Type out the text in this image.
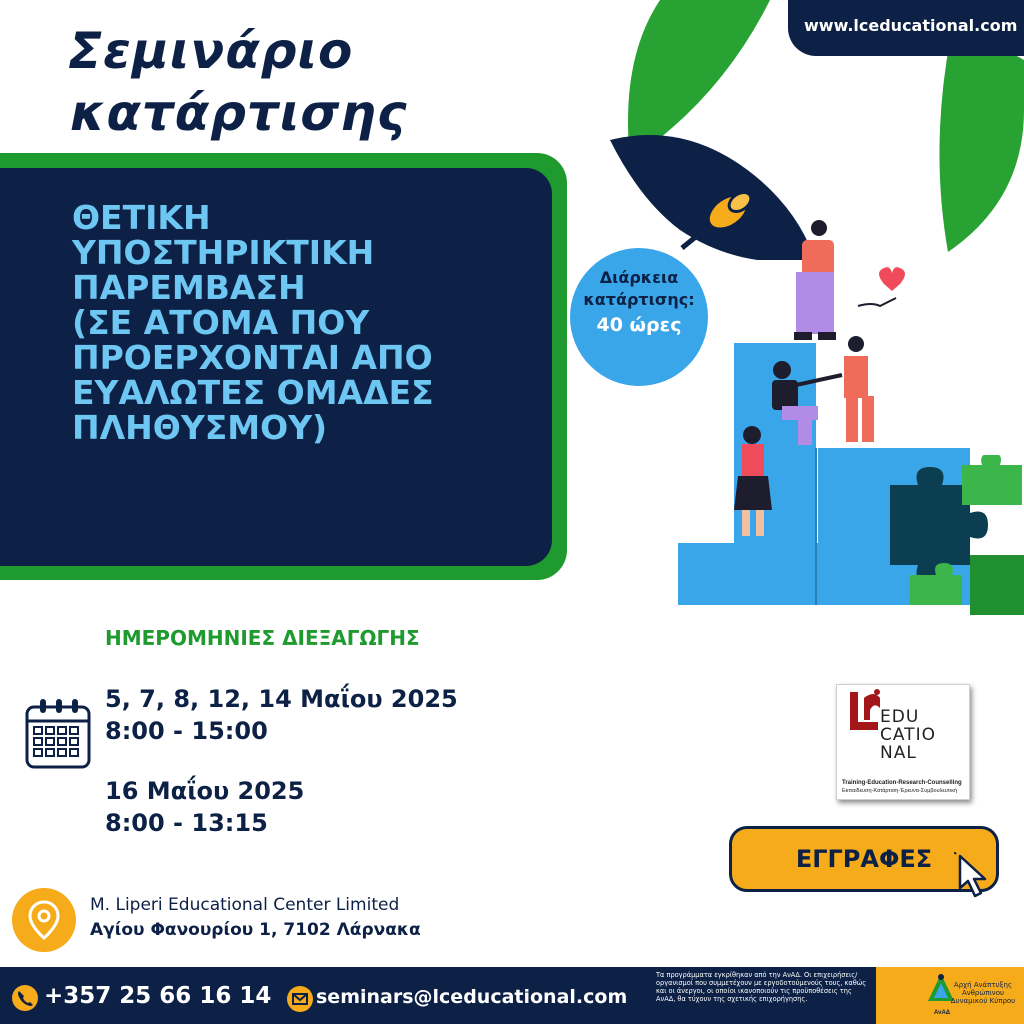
www.lceducational.com
Σεμινάριο
κατάρτισης
ΘΕΤΙΚΗ
ΥΠΟΣΤΗΡΙΚΤΙΚΗ
ΠΑΡΕΜΒΑΣΗ
(ΣΕ ΑΤΟΜΑ ΠΟΥ
ΠΡΟΕΡΧΟΝΤΑΙ ΑΠΟ
ΕΥΑΛΩΤΕΣ ΟΜΑΔΕΣ
ΠΛΗΘΥΣΜΟΥ)
Διάρκεια
κατάρτισης:
40 ώρες
ΗΜΕΡΟΜΗΝΙΕΣ ΔΙΕΞΑΓΩΓΗΣ
5, 7, 8, 12, 14 Μαΐου 2025
8:00 - 15:00
16 Μαΐου 2025
8:00 - 13:15
EDU
CATIO
NAL
Training-Education-Research-Counselling
Εκπαίδευση-Κατάρτιση-Έρευνα-Συμβουλευτική
ΕΓΓΡΑΦΕΣ
M. Liperi Educational Center Limited
Αγίου Φανουρίου 1, 7102 Λάρνακα
+357 25 66 16 14 seminars@lceducational.com
Τα προγράμματα εγκρίθηκαν από την ΑνΑΔ. Οι επιχειρήσεις/ οργανισμοί που συμμετέχουν με εργοδοτούμενούς τους, καθώς και οι άνεργοι, οι οποίοι ικανοποιούν τις προϋποθέσεις της ΑνΑΔ, θα τύχουν της σχετικής επιχορήγησης.
Αρχή Ανάπτυξης Ανθρώπινου Δυναμικού Κύπρου
ΑνΑΔ
